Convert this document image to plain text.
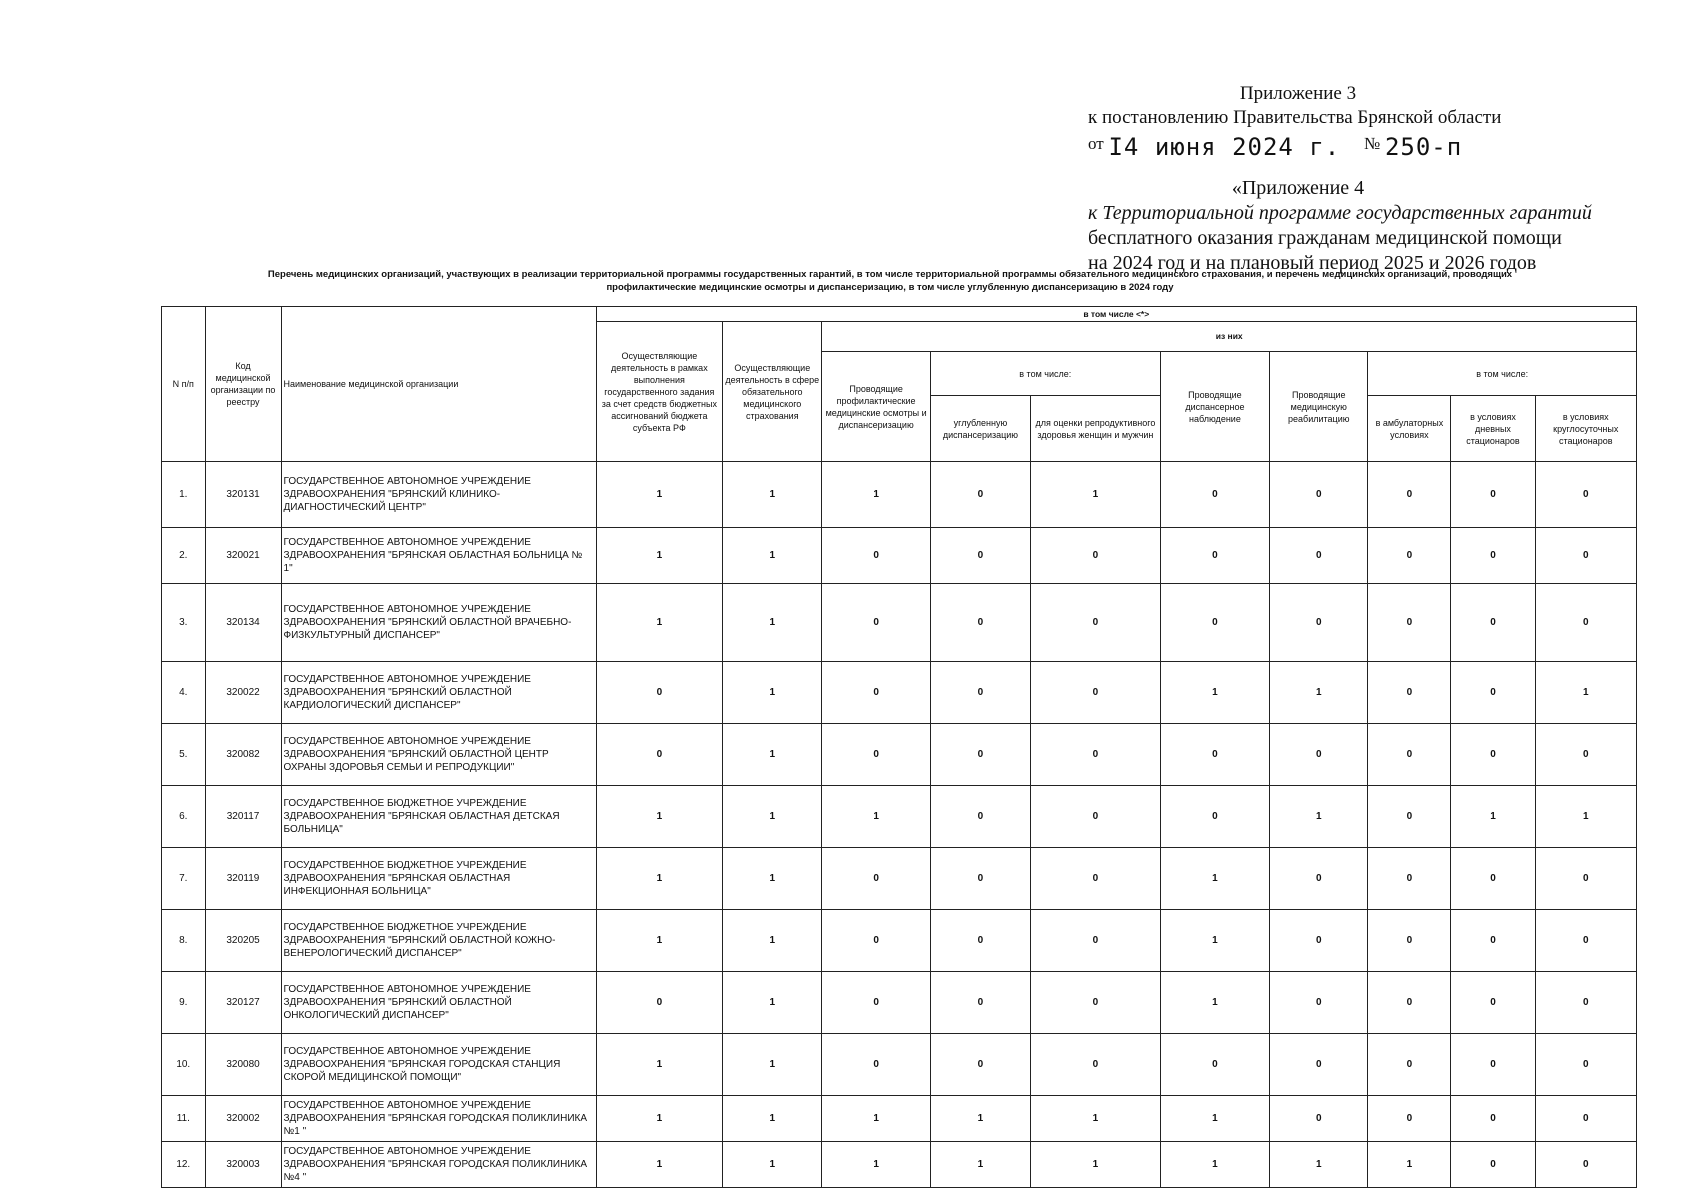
Приложение 3
к постановлению Правительства Брянской области
от I4 июня 2024 г. № 250-п
«Приложение 4
к Территориальной программе государственных гарантий
бесплатного оказания гражданам медицинской помощи
на 2024 год и на плановый период 2025 и 2026 годов
Перечень медицинских организаций, участвующих в реализации территориальной программы государственных гарантий, в том числе территориальной программы обязательного медицинского страхования, и перечень медицинских организаций, проводящих
профилактические медицинские осмотры и диспансеризацию, в том числе углубленную диспансеризацию в 2024 году
N п/п	Код медицинской организации по реестру	Наименование медицинской организации	в том числе <*>									
			Осуществляющие деятельность в рамках выполнения государственного задания за счет средств бюджетных ассигнований бюджета субъекта РФ	Осуществляющие деятельность в сфере обязательного медицинского страхования	из них							
					Проводящие профилактические медицинские осмотры и диспансеризацию	в том числе:		Проводящие диспансерное наблюдение	Проводящие медицинскую реабилитацию	в том числе:		
						углубленную диспансеризацию	для оценки репродуктивного здоровья женщин и мужчин			в амбулаторных условиях	в условиях дневных стационаров	в условиях круглосуточных стационаров
1.	320131	ГОСУДАРСТВЕННОЕ АВТОНОМНОЕ УЧРЕЖДЕНИЕ ЗДРАВООХРАНЕНИЯ "БРЯНСКИЙ КЛИНИКО-ДИАГНОСТИЧЕСКИЙ ЦЕНТР"	1	1	1	0	1	0	0	0	0	0
2.	320021	ГОСУДАРСТВЕННОЕ АВТОНОМНОЕ УЧРЕЖДЕНИЕ ЗДРАВООХРАНЕНИЯ "БРЯНСКАЯ ОБЛАСТНАЯ БОЛЬНИЦА № 1"	1	1	0	0	0	0	0	0	0	0
3.	320134	ГОСУДАРСТВЕННОЕ АВТОНОМНОЕ УЧРЕЖДЕНИЕ ЗДРАВООХРАНЕНИЯ "БРЯНСКИЙ ОБЛАСТНОЙ ВРАЧЕБНО-ФИЗКУЛЬТУРНЫЙ ДИСПАНСЕР"	1	1	0	0	0	0	0	0	0	0
4.	320022	ГОСУДАРСТВЕННОЕ АВТОНОМНОЕ УЧРЕЖДЕНИЕ ЗДРАВООХРАНЕНИЯ "БРЯНСКИЙ ОБЛАСТНОЙ КАРДИОЛОГИЧЕСКИЙ ДИСПАНСЕР"	0	1	0	0	0	1	1	0	0	1
5.	320082	ГОСУДАРСТВЕННОЕ АВТОНОМНОЕ УЧРЕЖДЕНИЕ ЗДРАВООХРАНЕНИЯ "БРЯНСКИЙ ОБЛАСТНОЙ ЦЕНТР ОХРАНЫ ЗДОРОВЬЯ СЕМЬИ И РЕПРОДУКЦИИ"	0	1	0	0	0	0	0	0	0	0
6.	320117	ГОСУДАРСТВЕННОЕ БЮДЖЕТНОЕ УЧРЕЖДЕНИЕ ЗДРАВООХРАНЕНИЯ "БРЯНСКАЯ ОБЛАСТНАЯ ДЕТСКАЯ БОЛЬНИЦА"	1	1	1	0	0	0	1	0	1	1
7.	320119	ГОСУДАРСТВЕННОЕ БЮДЖЕТНОЕ УЧРЕЖДЕНИЕ ЗДРАВООХРАНЕНИЯ "БРЯНСКАЯ ОБЛАСТНАЯ ИНФЕКЦИОННАЯ БОЛЬНИЦА"	1	1	0	0	0	1	0	0	0	0
8.	320205	ГОСУДАРСТВЕННОЕ БЮДЖЕТНОЕ УЧРЕЖДЕНИЕ ЗДРАВООХРАНЕНИЯ "БРЯНСКИЙ ОБЛАСТНОЙ КОЖНО-ВЕНЕРОЛОГИЧЕСКИЙ ДИСПАНСЕР"	1	1	0	0	0	1	0	0	0	0
9.	320127	ГОСУДАРСТВЕННОЕ АВТОНОМНОЕ УЧРЕЖДЕНИЕ ЗДРАВООХРАНЕНИЯ "БРЯНСКИЙ ОБЛАСТНОЙ ОНКОЛОГИЧЕСКИЙ ДИСПАНСЕР"	0	1	0	0	0	1	0	0	0	0
10.	320080	ГОСУДАРСТВЕННОЕ АВТОНОМНОЕ УЧРЕЖДЕНИЕ ЗДРАВООХРАНЕНИЯ "БРЯНСКАЯ ГОРОДСКАЯ СТАНЦИЯ СКОРОЙ МЕДИЦИНСКОЙ ПОМОЩИ"	1	1	0	0	0	0	0	0	0	0
11.	320002	ГОСУДАРСТВЕННОЕ АВТОНОМНОЕ УЧРЕЖДЕНИЕ ЗДРАВООХРАНЕНИЯ "БРЯНСКАЯ ГОРОДСКАЯ ПОЛИКЛИНИКА №1 "	1	1	1	1	1	1	0	0	0	0
12.	320003	ГОСУДАРСТВЕННОЕ АВТОНОМНОЕ УЧРЕЖДЕНИЕ ЗДРАВООХРАНЕНИЯ "БРЯНСКАЯ ГОРОДСКАЯ ПОЛИКЛИНИКА №4 "	1	1	1	1	1	1	1	1	0	0
